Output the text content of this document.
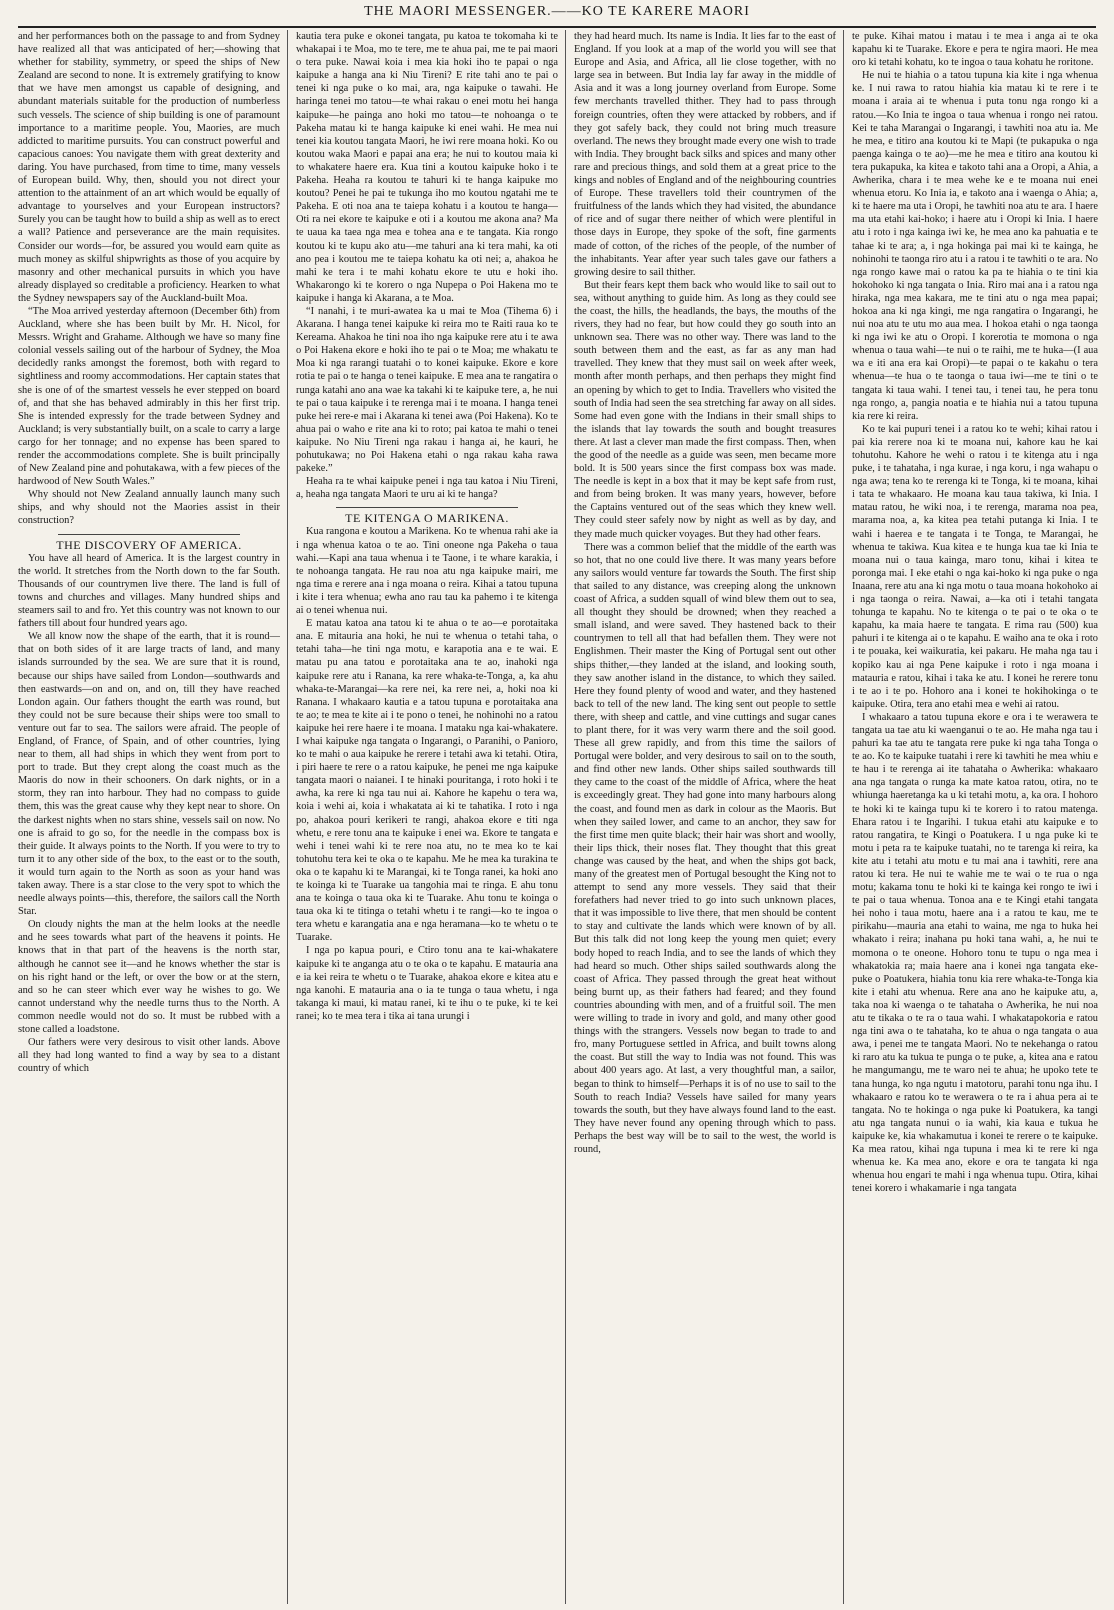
THE MAORI MESSENGER.——KO TE KARERE MAORI

and her performances both on the passage to and from Sydney have realized all that was anticipated of her;—showing that whether for stability, symmetry, or speed the ships of New Zealand are second to none. It is extremely gratifying to know that we have men amongst us capable of designing, and abundant materials suitable for the production of numberless such vessels. The science of ship building is one of paramount importance to a maritime people. You, Maories, are much addicted to maritime pursuits. You can construct powerful and capacious canoes: You navigate them with great dexterity and daring. You have purchased, from time to time, many vessels of European build. Why, then, should you not direct your attention to the attainment of an art which would be equally of advantage to yourselves and your European instructors? Surely you can be taught how to build a ship as well as to erect a wall? Patience and perseverance are the main requisites. Consider our words—for, be assured you would earn quite as much money as skilful shipwrights as those of you acquire by masonry and other mechanical pursuits in which you have already displayed so creditable a proficiency. Hearken to what the Sydney newspapers say of the Auckland-built Moa.

“The Moa arrived yesterday afternoon (December 6th) from Auckland, where she has been built by Mr. H. Nicol, for Messrs. Wright and Grahame. Although we have so many fine colonial vessels sailing out of the harbour of Sydney, the Moa decidedly ranks amongst the foremost, both with regard to sightliness and roomy accommodations. Her captain states that she is one of of the smartest vessels he ever stepped on board of, and that she has behaved admirably in this her first trip. She is intended expressly for the trade between Sydney and Auckland; is very substantially built, on a scale to carry a large cargo for her tonnage; and no expense has been spared to render the accommodations complete. She is built principally of New Zealand pine and pohutakawa, with a few pieces of the hardwood of New South Wales.”

Why should not New Zealand annually launch many such ships, and why should not the Maories assist in their construction?

THE DISCOVERY OF AMERICA.

You have all heard of America. It is the largest country in the world. It stretches from the North down to the far South. Thousands of our countrymen live there. The land is full of towns and churches and villages. Many hundred ships and steamers sail to and fro. Yet this country was not known to our fathers till about four hundred years ago.

We all know now the shape of the earth, that it is round—that on both sides of it are large tracts of land, and many islands surrounded by the sea. We are sure that it is round, because our ships have sailed from London—southwards and then eastwards—on and on, and on, till they have reached London again. Our fathers thought the earth was round, but they could not be sure because their ships were too small to venture out far to sea. The sailors were afraid. The people of England, of France, of Spain, and of other countries, lying near to them, all had ships in which they went from port to port to trade. But they crept along the coast much as the Maoris do now in their schooners. On dark nights, or in a storm, they ran into harbour. They had no compass to guide them, this was the great cause why they kept near to shore. On the darkest nights when no stars shine, vessels sail on now. No one is afraid to go so, for the needle in the compass box is their guide. It always points to the North. If you were to try to turn it to any other side of the box, to the east or to the south, it would turn again to the North as soon as your hand was taken away. There is a star close to the very spot to which the needle always points—this, therefore, the sailors call the North Star.

On cloudy nights the man at the helm looks at the needle and he sees towards what part of the heavens it points. He knows that in that part of the heavens is the north star, although he cannot see it—and he knows whether the star is on his right hand or the left, or over the bow or at the stern, and so he can steer which ever way he wishes to go. We cannot understand why the needle turns thus to the North. A common needle would not do so. It must be rubbed with a stone called a loadstone.

Our fathers were very desirous to visit other lands. Above all they had long wanted to find a way by sea to a distant country of which

kautia tera puke e okonei tangata, pu katoa te tokomaha ki te whakapai i te Moa, mo te tere, me te ahua pai, me te pai maori o tera puke. Nawai koia i mea kia hoki iho te papai o nga kaipuke a hanga ana ki Niu Tireni? E rite tahi ano te pai o tenei ki nga puke o ko mai, ara, nga kaipuke o tawahi. He haringa tenei mo tatou—te whai rakau o enei motu hei hanga kaipuke—he painga ano hoki mo tatou—te nohoanga o te Pakeha matau ki te hanga kaipuke ki enei wahi. He mea nui tenei kia koutou tangata Maori, he iwi rere moana hoki. Ko ou koutou waka Maori e papai ana era; he nui to koutou maia ki to whakatere haere era. Kua tini a koutou kaipuke hoko i te Pakeha. Heaha ra koutou te tahuri ki te hanga kaipuke mo koutou? Penei he pai te tukunga iho mo koutou ngatahi me te Pakeha. E oti noa ana te taiepa kohatu i a koutou te hanga—Oti ra nei ekore te kaipuke e oti i a koutou me akona ana? Ma te uaua ka taea nga mea e tohea ana e te tangata. Kia rongo koutou ki te kupu ako atu—me tahuri ana ki tera mahi, ka oti ano pea i koutou me te taiepa kohatu ka oti nei; a, ahakoa he mahi ke tera i te mahi kohatu ekore te utu e hoki iho. Whakarongo ki te korero o nga Nupepa o Poi Hakena mo te kaipuke i hanga ki Akarana, a te Moa.

“I nanahi, i te muri-awatea ka u mai te Moa (Tihema 6) i Akarana. I hanga tenei kaipuke ki reira mo te Raiti raua ko te Kereama. Ahakoa he tini noa iho nga kaipuke rere atu i te awa o Poi Hakena ekore e hoki iho te pai o te Moa; me whakatu te Moa ki nga rarangi tuatahi o to konei kaipuke. Ekore e kore rotia te pai o te hanga o tenei kaipuke. E mea ana te rangatira o runga katahi ano ana wae ka takahi ki te kaipuke tere, a, he nui te pai o taua kaipuke i te rerenga mai i te moana. I hanga tenei puke hei rere-e mai i Akarana ki tenei awa (Poi Hakena). Ko te ahua pai o waho e rite ana ki to roto; pai katoa te mahi o tenei kaipuke. No Niu Tireni nga rakau i hanga ai, he kauri, he pohutukawa; no Poi Hakena etahi o nga rakau kaha rawa pakeke.”

Heaha ra te whai kaipuke penei i nga tau katoa i Niu Tireni, a, heaha nga tangata Maori te uru ai ki te hanga?

TE KITENGA O MARIKENA.

Kua rangona e koutou a Marikena. Ko te whenua rahi ake ia i nga whenua katoa o te ao. Tini oneone nga Pakeha o taua wahi.—Kapi ana taua whenua i te Taone, i te whare karakia, i te nohoanga tangata. He rau noa atu nga kaipuke mairi, me nga tima e rerere ana i nga moana o reira. Kihai a tatou tupuna i kite i tera whenua; ewha ano rau tau ka pahemo i te kitenga ai o tenei whenua nui.

E matau katoa ana tatou ki te ahua o te ao—e porotaitaka ana. E mitauria ana hoki, he nui te whenua o tetahi taha, o tetahi taha—he tini nga motu, e karapotia ana e te wai. E matau pu ana tatou e porotaitaka ana te ao, inahoki nga kaipuke rere atu i Ranana, ka rere whaka-te-Tonga, a, ka ahu whaka-te-Marangai—ka rere nei, ka rere nei, a, hoki noa ki Ranana. I whakaaro kautia e a tatou tupuna e porotaitaka ana te ao; te mea te kite ai i te pono o tenei, he nohinohi no a ratou kaipuke hei rere haere i te moana. I mataku nga kai-whakatere. I whai kaipuke nga tangata o Ingarangi, o Paranihi, o Panioro, ko te mahi o aua kaipuke he rerere i tetahi awa ki tetahi. Otira, i piri haere te rere o a ratou kaipuke, he penei me nga kaipuke tangata maori o naianei. I te hinaki pouritanga, i roto hoki i te awha, ka rere ki nga tau nui ai. Kahore he kapehu o tera wa, koia i wehi ai, koia i whakatata ai ki te tahatika. I roto i nga po, ahakoa pouri kerikeri te rangi, ahakoa ekore e titi nga whetu, e rere tonu ana te kaipuke i enei wa. Ekore te tangata e wehi i tenei wahi ki te rere noa atu, no te mea ko te kai tohutohu tera kei te oka o te kapahu. Me he mea ka turakina te oka o te kapahu ki te Marangai, ki te Tonga ranei, ka hoki ano te koinga ki te Tuarake ua tangohia mai te ringa. E ahu tonu ana te koinga o taua oka ki te Tuarake. Ahu tonu te koinga o taua oka ki te titinga o tetahi whetu i te rangi—ko te ingoa o tera whetu e karangatia ana e nga heramana—ko te whetu o te Tuarake.

I nga po kapua pouri, e Ctiro tonu ana te kai-whakatere kaipuke ki te anganga atu o te oka o te kapahu. E matauria ana e ia kei reira te whetu o te Tuarake, ahakoa ekore e kitea atu e nga kanohi. E matauria ana o ia te tunga o taua whetu, i nga takanga ki maui, ki matau ranei, ki te ihu o te puke, ki te kei ranei; ko te mea tera i tika ai tana urungi i

they had heard much. Its name is India. It lies far to the east of England. If you look at a map of the world you will see that Europe and Asia, and Africa, all lie close together, with no large sea in between. But India lay far away in the middle of Asia and it was a long journey overland from Europe. Some few merchants travelled thither. They had to pass through foreign countries, often they were attacked by robbers, and if they got safely back, they could not bring much treasure overland. The news they brought made every one wish to trade with India. They brought back silks and spices and many other rare and precious things, and sold them at a great price to the kings and nobles of England and of the neighbouring countries of Europe. These travellers told their countrymen of the fruitfulness of the lands which they had visited, the abundance of rice and of sugar there neither of which were plentiful in those days in Europe, they spoke of the soft, fine garments made of cotton, of the riches of the people, of the number of the inhabitants. Year after year such tales gave our fathers a growing desire to sail thither.

But their fears kept them back who would like to sail out to sea, without anything to guide him. As long as they could see the coast, the hills, the headlands, the bays, the mouths of the rivers, they had no fear, but how could they go south into an unknown sea. There was no other way. There was land to the south between them and the east, as far as any man had travelled. They knew that they must sail on week after week, month after month perhaps, and then perhaps they might find an opening by which to get to India. Travellers who visited the south of India had seen the sea stretching far away on all sides. Some had even gone with the Indians in their small ships to the islands that lay towards the south and bought treasures there. At last a clever man made the first compass. Then, when the good of the needle as a guide was seen, men became more bold. It is 500 years since the first compass box was made. The needle is kept in a box that it may be kept safe from rust, and from being broken. It was many years, however, before the Captains ventured out of the seas which they knew well. They could steer safely now by night as well as by day, and they made much quicker voyages. But they had other fears.

There was a common belief that the middle of the earth was so hot, that no one could live there. It was many years before any sailors would venture far towards the South. The first ship that sailed to any distance, was creeping along the unknown coast of Africa, a sudden squall of wind blew them out to sea, all thought they should be drowned; when they reached a small island, and were saved. They hastened back to their countrymen to tell all that had befallen them. They were not Englishmen. Their master the King of Portugal sent out other ships thither,—they landed at the island, and looking south, they saw another island in the distance, to which they sailed. Here they found plenty of wood and water, and they hastened back to tell of the new land. The king sent out people to settle there, with sheep and cattle, and vine cuttings and sugar canes to plant there, for it was very warm there and the soil good. These all grew rapidly, and from this time the sailors of Portugal were bolder, and very desirous to sail on to the south, and find other new lands. Other ships sailed southwards till they came to the coast of the middle of Africa, where the heat is exceedingly great. They had gone into many harbours along the coast, and found men as dark in colour as the Maoris. But when they sailed lower, and came to an anchor, they saw for the first time men quite black; their hair was short and woolly, their lips thick, their noses flat. They thought that this great change was caused by the heat, and when the ships got back, many of the greatest men of Portugal besought the King not to attempt to send any more vessels. They said that their forefathers had never tried to go into such unknown places, that it was impossible to live there, that men should be content to stay and cultivate the lands which were known of by all. But this talk did not long keep the young men quiet; every body hoped to reach India, and to see the lands of which they had heard so much. Other ships sailed southwards along the coast of Africa. They passed through the great heat without being burnt up, as their fathers had feared; and they found countries abounding with men, and of a fruitful soil. The men were willing to trade in ivory and gold, and many other good things with the strangers. Vessels now began to trade to and fro, many Portuguese settled in Africa, and built towns along the coast. But still the way to India was not found. This was about 400 years ago. At last, a very thoughtful man, a sailor, began to think to himself—Perhaps it is of no use to sail to the South to reach India? Vessels have sailed for many years towards the south, but they have always found land to the east. They have never found any opening through which to pass. Perhaps the best way will be to sail to the west, the world is round,

te puke. Kihai matou i matau i te mea i anga ai te oka kapahu ki te Tuarake. Ekore e pera te ngira maori. He mea oro ki tetahi kohatu, ko te ingoa o taua kohatu he roritone.

He nui te hiahia o a tatou tupuna kia kite i nga whenua ke. I nui rawa to ratou hiahia kia matau ki te rere i te moana i araia ai te whenua i puta tonu nga rongo ki a ratou.—Ko Inia te ingoa o taua whenua i rongo nei ratou. Kei te taha Marangai o Ingarangi, i tawhiti noa atu ia. Me he mea, e titiro ana koutou ki te Mapi (te pukapuka o nga paenga kainga o te ao)—me he mea e titiro ana koutou ki tera pukapuka, ka kitea e takoto tahi ana a Oropi, a Ahia, a Awherika, chara i te mea wehe ke e te moana nui enei whenua etoru. Ko Inia ia, e takoto ana i waenga o Ahia; a, ki te haere ma uta i Oropi, he tawhiti noa atu te ara. I haere ma uta etahi kai-hoko; i haere atu i Oropi ki Inia. I haere atu i roto i nga kainga iwi ke, he mea ano ka pahuatia e te tahae ki te ara; a, i nga hokinga pai mai ki te kainga, he nohinohi te taonga riro atu i a ratou i te tawhiti o te ara. No nga rongo kawe mai o ratou ka pa te hiahia o te tini kia hokohoko ki nga tangata o Inia. Riro mai ana i a ratou nga hiraka, nga mea kakara, me te tini atu o nga mea papai; hokoa ana ki nga kingi, me nga rangatira o Ingarangi, he nui noa atu te utu mo aua mea. I hokoa etahi o nga taonga ki nga iwi ke atu o Oropi. I korerotia te momona o nga whenua o taua wahi—te nui o te raihi, me te huka—(I aua wa e iti ana era kai Oropi)—te papai o te kakahu o tera whenua—te hua o te taonga o taua iwi—me te tini o te tangata ki taua wahi. I tenei tau, i tenei tau, he pera tonu nga rongo, a, pangia noatia e te hiahia nui a tatou tupuna kia rere ki reira.

Ko te kai pupuri tenei i a ratou ko te wehi; kihai ratou i pai kia rerere noa ki te moana nui, kahore kau he kai tohutohu. Kahore he wehi o ratou i te kitenga atu i nga puke, i te tahataha, i nga kurae, i nga koru, i nga wahapu o nga awa; tena ko te rerenga ki te Tonga, ki te moana, kihai i tata te whakaaro. He moana kau taua takiwa, ki Inia. I matau ratou, he wiki noa, i te rerenga, marama noa pea, marama noa, a, ka kitea pea tetahi putanga ki Inia. I te wahi i haerea e te tangata i te Tonga, te Marangai, he whenua te takiwa. Kua kitea e te hunga kua tae ki Inia te moana nui o taua kainga, maro tonu, kihai i kitea te poronga mai. I eke etahi o nga kai-hoko ki nga puke o nga Inaana, rere atu ana ki nga motu o taua moana hokohoko ai i nga taonga o reira. Nawai, a—ka oti i tetahi tangata tohunga te kapahu. No te kitenga o te pai o te oka o te kapahu, ka maia haere te tangata. E rima rau (500) kua pahuri i te kitenga ai o te kapahu. E waiho ana te oka i roto i te pouaka, kei waikuratia, kei pakaru. He maha nga tau i kopiko kau ai nga Pene kaipuke i roto i nga moana i matauria e ratou, kihai i taka ke atu. I konei he rerere tonu i te ao i te po. Hohoro ana i konei te hokihokinga o te kaipuke. Otira, tera ano etahi mea e wehi ai ratou.

I whakaaro a tatou tupuna ekore e ora i te werawera te tangata ua tae atu ki waenganui o te ao. He maha nga tau i pahuri ka tae atu te tangata rere puke ki nga taha Tonga o te ao. Ko te kaipuke tuatahi i rere ki tawhiti he mea whiu e te hau i te rerenga ai ite tahataha o Awherika: whakaaro ana nga tangata o runga ka mate katoa ratou, otira, no te whiunga haeretanga ka u ki tetahi motu, a, ka ora. I hohoro te hoki ki te kainga tupu ki te korero i to ratou matenga. Ehara ratou i te Ingarihi. I tukua etahi atu kaipuke e to ratou rangatira, te Kingi o Poatukera. I u nga puke ki te motu i peta ra te kaipuke tuatahi, no te tarenga ki reira, ka kite atu i tetahi atu motu e tu mai ana i tawhiti, rere ana ratou ki tera. He nui te wahie me te wai o te rua o nga motu; kakama tonu te hoki ki te kainga kei rongo te iwi i te pai o taua whenua. Tonoa ana e te Kingi etahi tangata hei noho i taua motu, haere ana i a ratou te kau, me te pirikahu—mauria ana etahi to waina, me nga to huka hei whakato i reira; inahana pu hoki tana wahi, a, he nui te momona o te oneone. Hohoro tonu te tupu o nga mea i whakatokia ra; maia haere ana i konei nga tangata eke-puke o Poatukera, hiahia tonu kia rere whaka-te-Tonga kia kite i etahi atu whenua. Rere ana ano he kaipuke atu, a, taka noa ki waenga o te tahataha o Awherika, he nui noa atu te tikaka o te ra o taua wahi. I whakatapokoria e ratou nga tini awa o te tahataha, ko te ahua o nga tangata o aua awa, i penei me te tangata Maori. No te nekehanga o ratou ki raro atu ka tukua te punga o te puke, a, kitea ana e ratou he mangumangu, me te waro nei te ahua; he upoko tete te tana hunga, ko nga ngutu i matotoru, parahi tonu nga ihu. I whakaaro e ratou ko te werawera o te ra i ahua pera ai te tangata. No te hokinga o nga puke ki Poatukera, ka tangi atu nga tangata nunui o ia wahi, kia kaua e tukua he kaipuke ke, kia whakamutua i konei te rerere o te kaipuke. Ka mea ratou, kihai nga tupuna i mea ki te rere ki nga whenua ke. Ka mea ano, ekore e ora te tangata ki nga whenua hou engari te mahi i nga whenua tupu. Otira, kihai tenei korero i whakamarie i nga tangata
